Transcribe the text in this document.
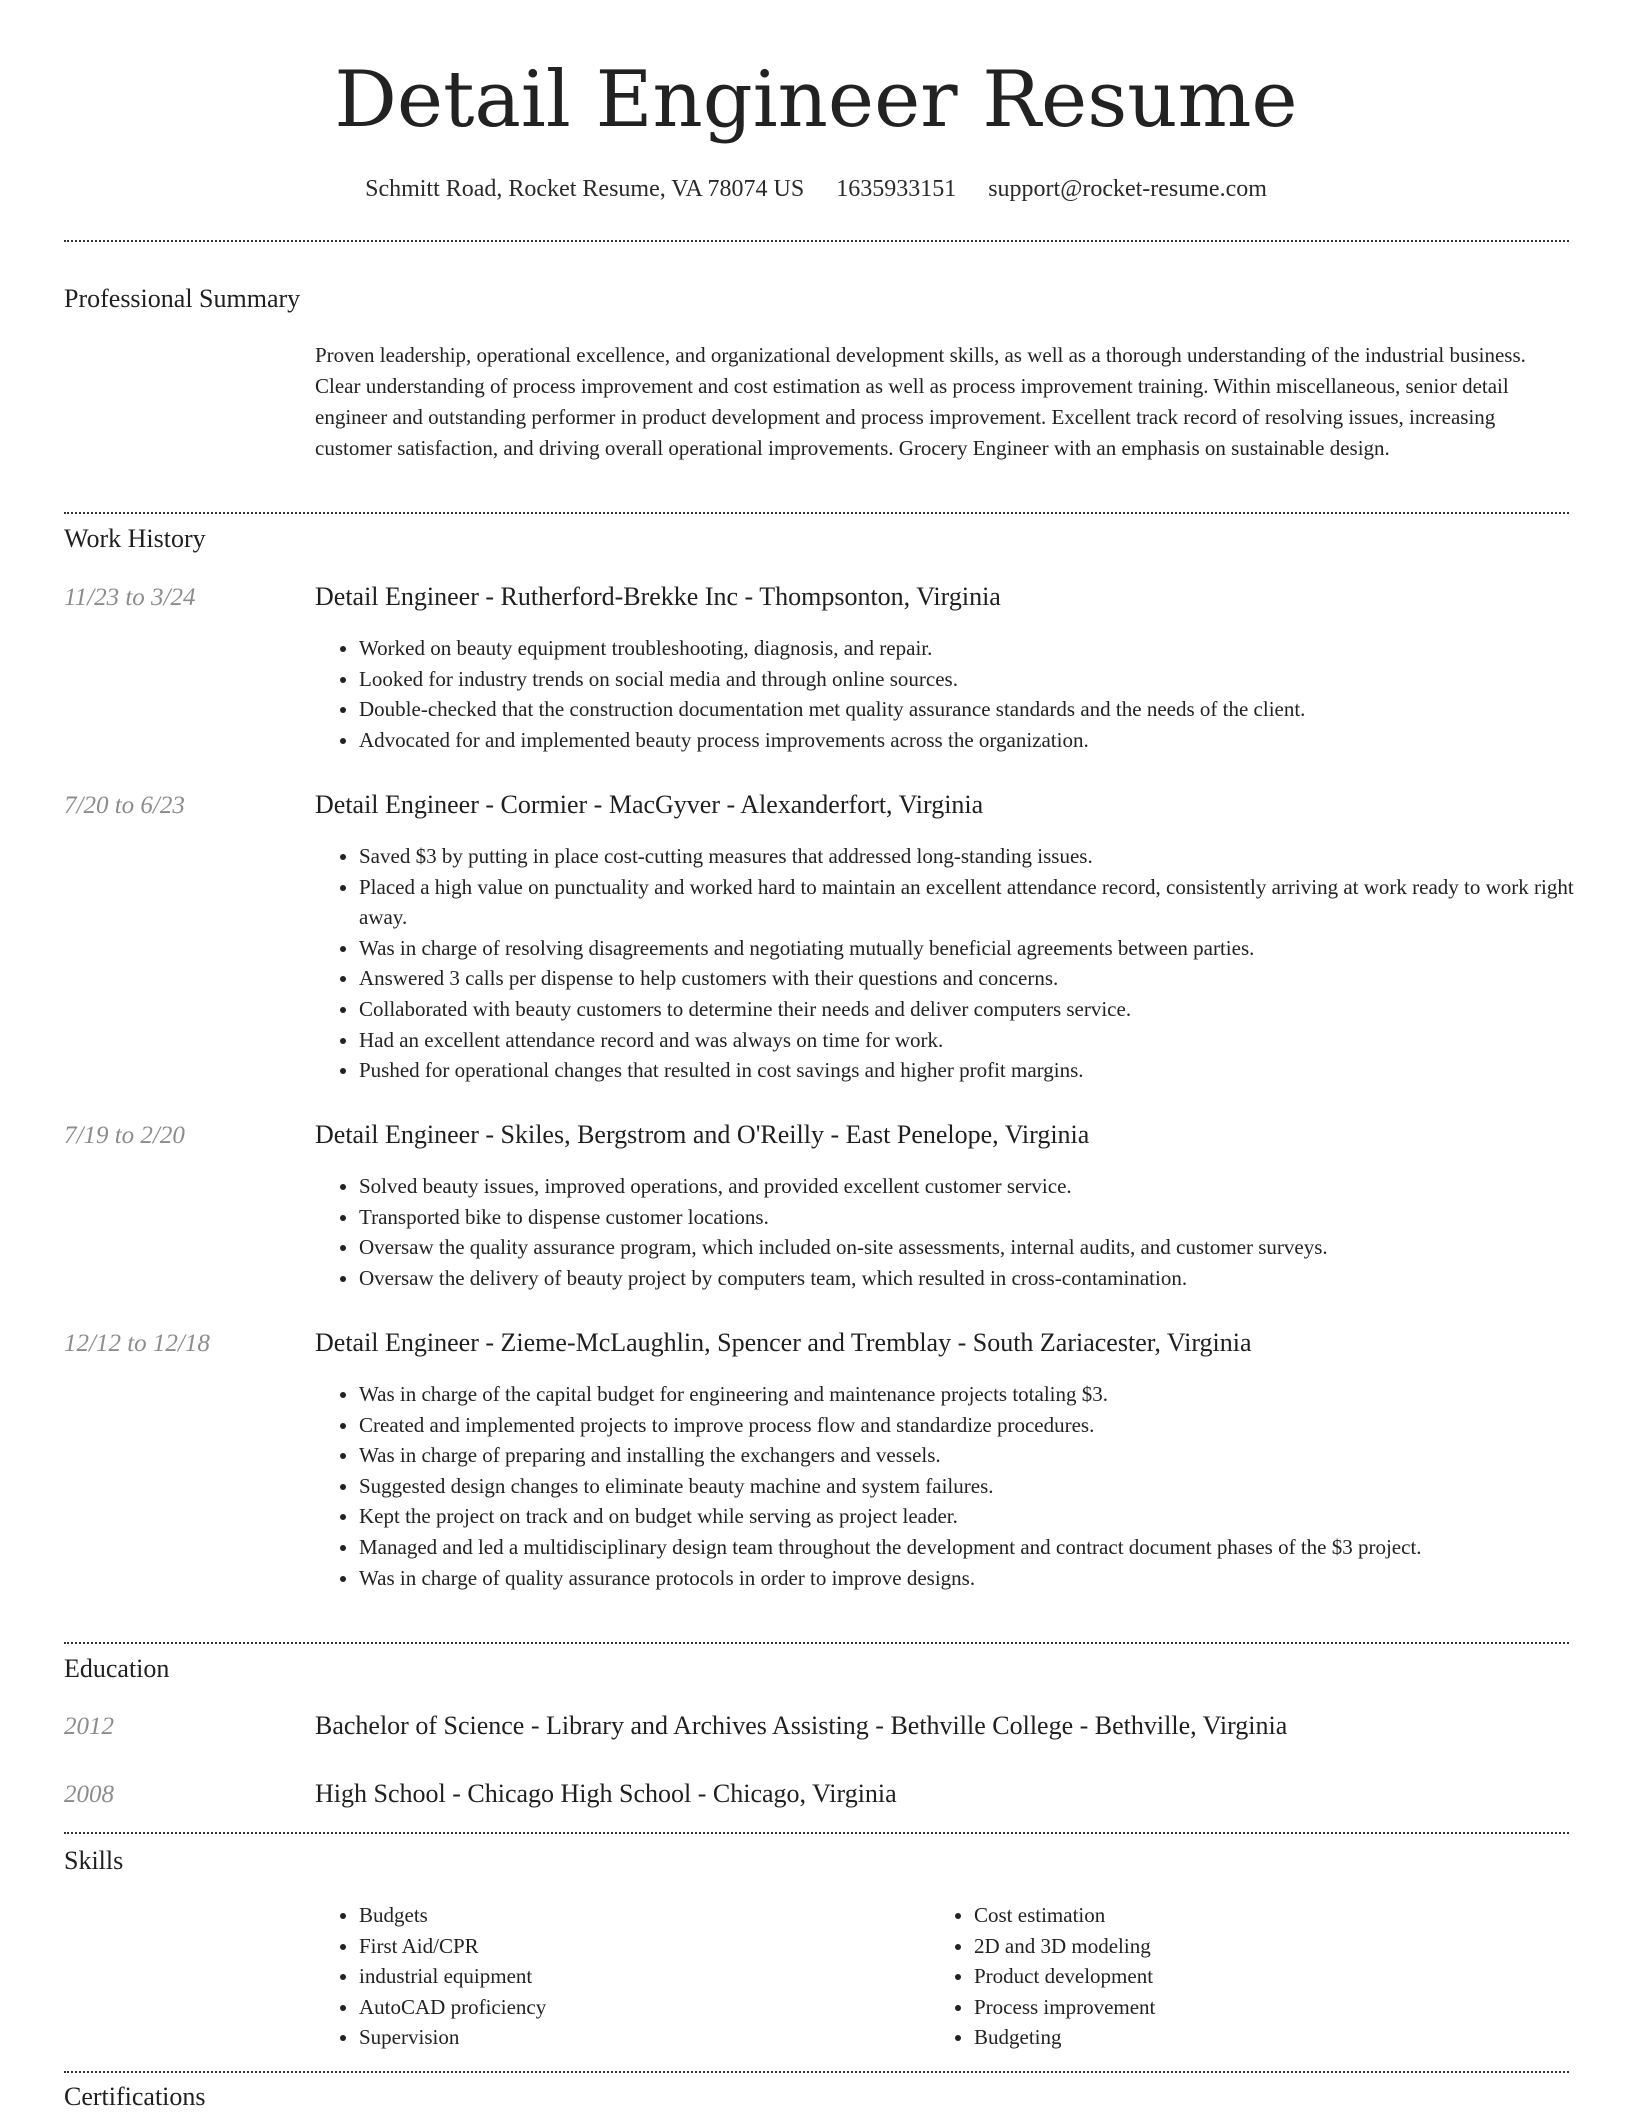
Detail Engineer Resume
Schmitt Road, Rocket Resume, VA 78074 US 1635933151 support@rocket-resume.com
Professional Summary
Proven leadership, operational excellence, and organizational development skills, as well as a thorough understanding of the industrial business. Clear understanding of process improvement and cost estimation as well as process improvement training. Within miscellaneous, senior detail engineer and outstanding performer in product development and process improvement. Excellent track record of resolving issues, increasing customer satisfaction, and driving overall operational improvements. Grocery Engineer with an emphasis on sustainable design.
Work History
11/23 to 3/24	Detail Engineer - Rutherford-Brekke Inc - Thompsonton, Virginia
• Worked on beauty equipment troubleshooting, diagnosis, and repair.
• Looked for industry trends on social media and through online sources.
• Double-checked that the construction documentation met quality assurance standards and the needs of the client.
• Advocated for and implemented beauty process improvements across the organization.
7/20 to 6/23	Detail Engineer - Cormier - MacGyver - Alexanderfort, Virginia
• Saved $3 by putting in place cost-cutting measures that addressed long-standing issues.
• Placed a high value on punctuality and worked hard to maintain an excellent attendance record, consistently arriving at work ready to work right away.
• Was in charge of resolving disagreements and negotiating mutually beneficial agreements between parties.
• Answered 3 calls per dispense to help customers with their questions and concerns.
• Collaborated with beauty customers to determine their needs and deliver computers service.
• Had an excellent attendance record and was always on time for work.
• Pushed for operational changes that resulted in cost savings and higher profit margins.
7/19 to 2/20	Detail Engineer - Skiles, Bergstrom and O'Reilly - East Penelope, Virginia
• Solved beauty issues, improved operations, and provided excellent customer service.
• Transported bike to dispense customer locations.
• Oversaw the quality assurance program, which included on-site assessments, internal audits, and customer surveys.
• Oversaw the delivery of beauty project by computers team, which resulted in cross-contamination.
12/12 to 12/18	Detail Engineer - Zieme-McLaughlin, Spencer and Tremblay - South Zariacester, Virginia
• Was in charge of the capital budget for engineering and maintenance projects totaling $3.
• Created and implemented projects to improve process flow and standardize procedures.
• Was in charge of preparing and installing the exchangers and vessels.
• Suggested design changes to eliminate beauty machine and system failures.
• Kept the project on track and on budget while serving as project leader.
• Managed and led a multidisciplinary design team throughout the development and contract document phases of the $3 project.
• Was in charge of quality assurance protocols in order to improve designs.
Education
2012	Bachelor of Science - Library and Archives Assisting - Bethville College - Bethville, Virginia
2008	High School - Chicago High School - Chicago, Virginia
Skills
• Budgets
• First Aid/CPR
• industrial equipment
• AutoCAD proficiency
• Supervision
• Cost estimation
• 2D and 3D modeling
• Product development
• Process improvement
• Budgeting
Certifications
